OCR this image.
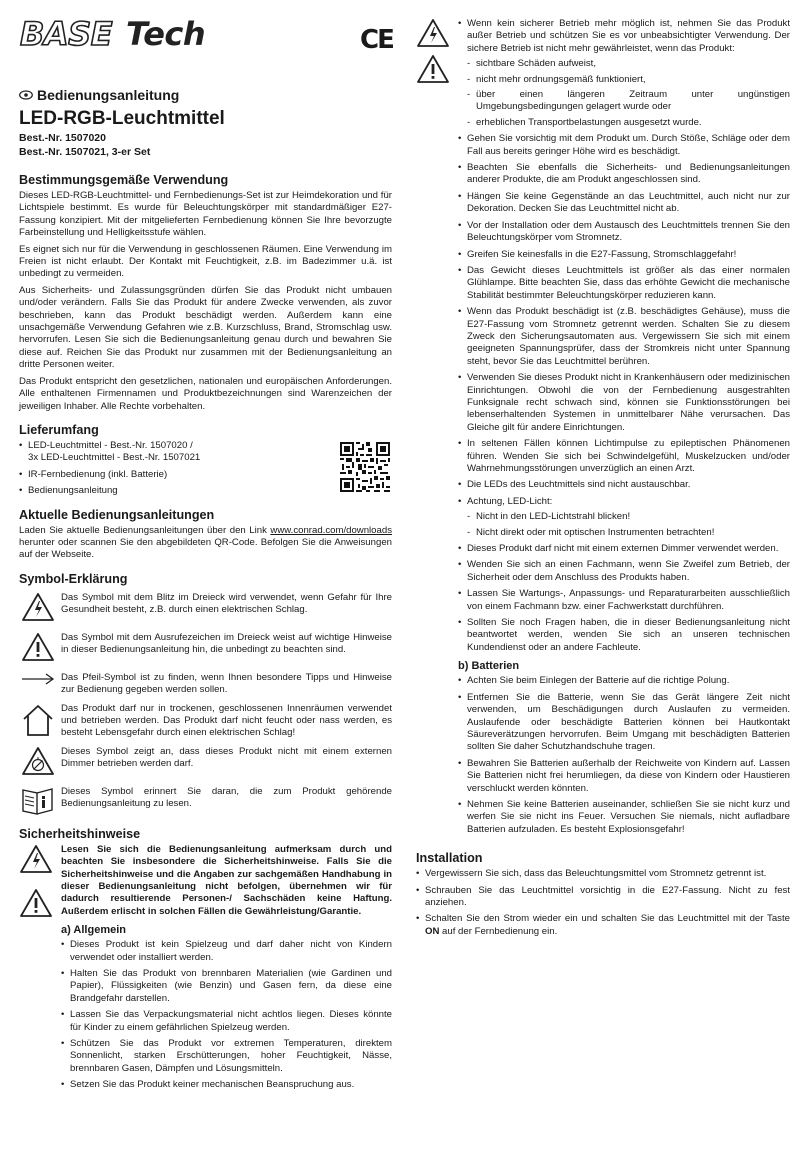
BASE Tech	CE
Bedienungsanleitung
LED-RGB-Leuchtmittel
Best.-Nr. 1507020
Best.-Nr. 1507021, 3-er Set
Bestimmungsgemäße Verwendung

Dieses LED-RGB-Leuchtmittel- und Fernbedienungs-Set ist zur Heimdekoration und für Lichtspiele bestimmt. Es wurde für Beleuchtungskörper mit standardmäßiger E27-Fassung konzipiert. Mit der mitgelieferten Fernbedienung können Sie Ihre bevorzugte Farbeinstellung und Helligkeitsstufe wählen.

Es eignet sich nur für die Verwendung in geschlossenen Räumen. Eine Verwendung im Freien ist nicht erlaubt. Der Kontakt mit Feuchtigkeit, z.B. im Badezimmer u.ä. ist unbedingt zu vermeiden.

Aus Sicherheits- und Zulassungsgründen dürfen Sie das Produkt nicht umbauen und/oder verändern. Falls Sie das Produkt für andere Zwecke verwenden, als zuvor beschrieben, kann das Produkt beschädigt werden. Außerdem kann eine unsachgemäße Verwendung Gefahren wie z.B. Kurzschluss, Brand, Stromschlag usw. hervorrufen. Lesen Sie sich die Bedienungsanleitung genau durch und bewahren Sie diese auf. Reichen Sie das Produkt nur zusammen mit der Bedienungsanleitung an dritte Personen weiter.

Das Produkt entspricht den gesetzlichen, nationalen und europäischen Anforderungen. Alle enthaltenen Firmennamen und Produktbezeichnungen sind Warenzeichen der jeweiligen Inhaber. Alle Rechte vorbehalten.

Lieferumfang
• LED-Leuchtmittel - Best.-Nr. 1507020 /
3x LED-Leuchtmittel - Best.-Nr. 1507021
• IR-Fernbedienung (inkl. Batterie)
• Bedienungsanleitung
Aktuelle Bedienungsanleitungen

Laden Sie aktuelle Bedienungsanleitungen über den Link www.conrad.com/downloads herunter oder scannen Sie den abgebildeten QR-Code. Befolgen Sie die Anweisungen auf der Webseite.

Symbol-Erklärung

Das Symbol mit dem Blitz im Dreieck wird verwendet, wenn Gefahr für Ihre Gesundheit besteht, z.B. durch einen elektrischen Schlag.

Das Symbol mit dem Ausrufezeichen im Dreieck weist auf wichtige Hinweise in dieser Bedienungsanleitung hin, die unbedingt zu beachten sind.

Das Pfeil-Symbol ist zu finden, wenn Ihnen besondere Tipps und Hinweise zur Bedienung gegeben werden sollen.

Das Produkt darf nur in trockenen, geschlossenen Innenräumen verwendet und betrieben werden. Das Produkt darf nicht feucht oder nass werden, es besteht Lebensgefahr durch einen elektrischen Schlag!

Dieses Symbol zeigt an, dass dieses Produkt nicht mit einem externen Dimmer betrieben werden darf.

Dieses Symbol erinnert Sie daran, die zum Produkt gehörende Bedienungsanleitung zu lesen.

Sicherheitshinweise

Lesen Sie sich die Bedienungsanleitung aufmerksam durch und beachten Sie insbesondere die Sicherheitshinweise. Falls Sie die Sicherheitshinweise und die Angaben zur sachgemäßen Handhabung in dieser Bedienungsanleitung nicht befolgen, übernehmen wir für dadurch resultierende Personen-/ Sachschäden keine Haftung. Außerdem erlischt in solchen Fällen die Gewährleistung/Garantie.

a) Allgemein
• Dieses Produkt ist kein Spielzeug und darf daher nicht von Kindern verwendet oder installiert werden.
• Halten Sie das Produkt von brennbaren Materialien (wie Gardinen und Papier), Flüssigkeiten (wie Benzin) und Gasen fern, da diese eine Brandgefahr darstellen.
• Lassen Sie das Verpackungsmaterial nicht achtlos liegen. Dieses könnte für Kinder zu einem gefährlichen Spielzeug werden.
• Schützen Sie das Produkt vor extremen Temperaturen, direktem Sonnenlicht, starken Erschütterungen, hoher Feuchtigkeit, Nässe, brennbaren Gasen, Dämpfen und Lösungsmitteln.
• Setzen Sie das Produkt keiner mechanischen Beanspruchung aus.
• Wenn kein sicherer Betrieb mehr möglich ist, nehmen Sie das Produkt außer Betrieb und schützen Sie es vor unbeabsichtigter Verwendung. Der sichere Betrieb ist nicht mehr gewährleistet, wenn das Produkt:
- sichtbare Schäden aufweist,
- nicht mehr ordnungsgemäß funktioniert,
- über einen längeren Zeitraum unter ungünstigen Umgebungsbedingungen gelagert wurde oder
- erheblichen Transportbelastungen ausgesetzt wurde.
• Gehen Sie vorsichtig mit dem Produkt um. Durch Stöße, Schläge oder dem Fall aus bereits geringer Höhe wird es beschädigt.
• Beachten Sie ebenfalls die Sicherheits- und Bedienungsanleitungen anderer Produkte, die am Produkt angeschlossen sind.
• Hängen Sie keine Gegenstände an das Leuchtmittel, auch nicht nur zur Dekoration. Decken Sie das Leuchtmittel nicht ab.
• Vor der Installation oder dem Austausch des Leuchtmittels trennen Sie den Beleuchtungskörper vom Stromnetz.
• Greifen Sie keinesfalls in die E27-Fassung, Stromschlaggefahr!
• Das Gewicht dieses Leuchtmittels ist größer als das einer normalen Glühlampe. Bitte beachten Sie, dass das erhöhte Gewicht die mechanische Stabilität bestimmter Beleuchtungskörper reduzieren kann.
• Wenn das Produkt beschädigt ist (z.B. beschädigtes Gehäuse), muss die E27-Fassung vom Stromnetz getrennt werden. Schalten Sie zu diesem Zweck den Sicherungsautomaten aus. Vergewissern Sie sich mit einem geeigneten Spannungsprüfer, dass der Stromkreis nicht unter Spannung steht, bevor Sie das Leuchtmittel berühren.
• Verwenden Sie dieses Produkt nicht in Krankenhäusern oder medizinischen Einrichtungen. Obwohl die von der Fernbedienung ausgestrahlten Funksignale recht schwach sind, können sie Funktionsstörungen bei lebenserhaltenden Systemen in unmittelbarer Nähe verursachen. Das Gleiche gilt für andere Einrichtungen.
• In seltenen Fällen können Lichtimpulse zu epileptischen Phänomenen führen. Wenden Sie sich bei Schwindelgefühl, Muskelzucken und/oder Wahrnehmungsstörungen unverzüglich an einen Arzt.
• Die LEDs des Leuchtmittels sind nicht austauschbar.
• Achtung, LED-Licht:
- Nicht in den LED-Lichtstrahl blicken!
- Nicht direkt oder mit optischen Instrumenten betrachten!
• Dieses Produkt darf nicht mit einem externen Dimmer verwendet werden.
• Wenden Sie sich an einen Fachmann, wenn Sie Zweifel zum Betrieb, der Sicherheit oder dem Anschluss des Produkts haben.
• Lassen Sie Wartungs-, Anpassungs- und Reparaturarbeiten ausschließlich von einem Fachmann bzw. einer Fachwerkstatt durchführen.
• Sollten Sie noch Fragen haben, die in dieser Bedienungsanleitung nicht beantwortet werden, wenden Sie sich an unseren technischen Kundendienst oder an andere Fachleute.
b) Batterien
• Achten Sie beim Einlegen der Batterie auf die richtige Polung.
• Entfernen Sie die Batterie, wenn Sie das Gerät längere Zeit nicht verwenden, um Beschädigungen durch Auslaufen zu vermeiden. Auslaufende oder beschädigte Batterien können bei Hautkontakt Säureverätzungen hervorrufen. Beim Umgang mit beschädigten Batterien sollten Sie daher Schutzhandschuhe tragen.
• Bewahren Sie Batterien außerhalb der Reichweite von Kindern auf. Lassen Sie Batterien nicht frei herumliegen, da diese von Kindern oder Haustieren verschluckt werden könnten.
• Nehmen Sie keine Batterien auseinander, schließen Sie sie nicht kurz und werfen Sie sie nicht ins Feuer. Versuchen Sie niemals, nicht aufladbare Batterien aufzuladen. Es besteht Explosionsgefahr!
Installation
• Vergewissern Sie sich, dass das Beleuchtungsmittel vom Stromnetz getrennt ist.
• Schrauben Sie das Leuchtmittel vorsichtig in die E27-Fassung. Nicht zu fest anziehen.
• Schalten Sie den Strom wieder ein und schalten Sie das Leuchtmittel mit der Taste ON auf der Fernbedienung ein.
